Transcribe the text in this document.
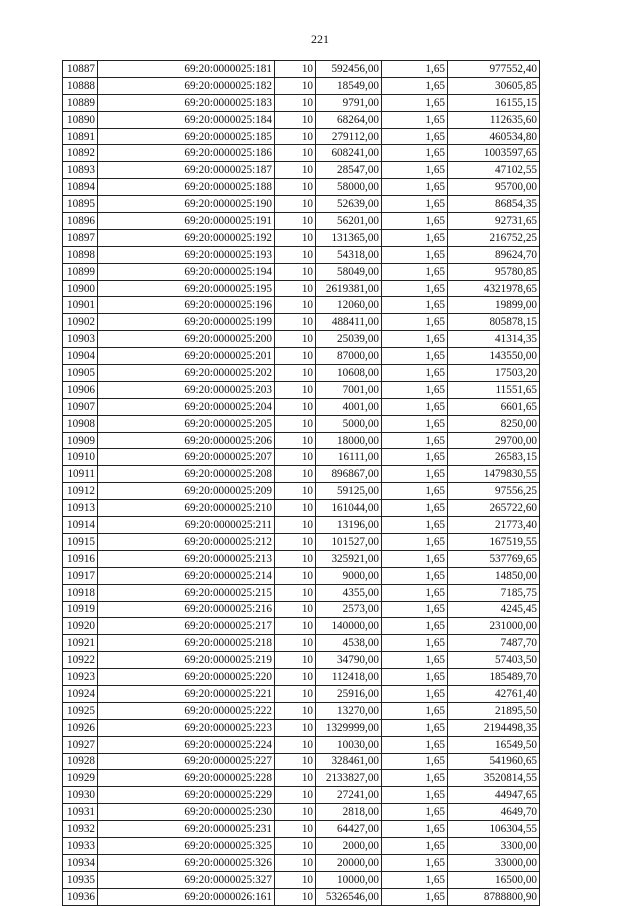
221
10887	69:20:0000025:181	10	592456,00	1,65	977552,40
10888	69:20:0000025:182	10	18549,00	1,65	30605,85
10889	69:20:0000025:183	10	9791,00	1,65	16155,15
10890	69:20:0000025:184	10	68264,00	1,65	112635,60
10891	69:20:0000025:185	10	279112,00	1,65	460534,80
10892	69:20:0000025:186	10	608241,00	1,65	1003597,65
10893	69:20:0000025:187	10	28547,00	1,65	47102,55
10894	69:20:0000025:188	10	58000,00	1,65	95700,00
10895	69:20:0000025:190	10	52639,00	1,65	86854,35
10896	69:20:0000025:191	10	56201,00	1,65	92731,65
10897	69:20:0000025:192	10	131365,00	1,65	216752,25
10898	69:20:0000025:193	10	54318,00	1,65	89624,70
10899	69:20:0000025:194	10	58049,00	1,65	95780,85
10900	69:20:0000025:195	10	2619381,00	1,65	4321978,65
10901	69:20:0000025:196	10	12060,00	1,65	19899,00
10902	69:20:0000025:199	10	488411,00	1,65	805878,15
10903	69:20:0000025:200	10	25039,00	1,65	41314,35
10904	69:20:0000025:201	10	87000,00	1,65	143550,00
10905	69:20:0000025:202	10	10608,00	1,65	17503,20
10906	69:20:0000025:203	10	7001,00	1,65	11551,65
10907	69:20:0000025:204	10	4001,00	1,65	6601,65
10908	69:20:0000025:205	10	5000,00	1,65	8250,00
10909	69:20:0000025:206	10	18000,00	1,65	29700,00
10910	69:20:0000025:207	10	16111,00	1,65	26583,15
10911	69:20:0000025:208	10	896867,00	1,65	1479830,55
10912	69:20:0000025:209	10	59125,00	1,65	97556,25
10913	69:20:0000025:210	10	161044,00	1,65	265722,60
10914	69:20:0000025:211	10	13196,00	1,65	21773,40
10915	69:20:0000025:212	10	101527,00	1,65	167519,55
10916	69:20:0000025:213	10	325921,00	1,65	537769,65
10917	69:20:0000025:214	10	9000,00	1,65	14850,00
10918	69:20:0000025:215	10	4355,00	1,65	7185,75
10919	69:20:0000025:216	10	2573,00	1,65	4245,45
10920	69:20:0000025:217	10	140000,00	1,65	231000,00
10921	69:20:0000025:218	10	4538,00	1,65	7487,70
10922	69:20:0000025:219	10	34790,00	1,65	57403,50
10923	69:20:0000025:220	10	112418,00	1,65	185489,70
10924	69:20:0000025:221	10	25916,00	1,65	42761,40
10925	69:20:0000025:222	10	13270,00	1,65	21895,50
10926	69:20:0000025:223	10	1329999,00	1,65	2194498,35
10927	69:20:0000025:224	10	10030,00	1,65	16549,50
10928	69:20:0000025:227	10	328461,00	1,65	541960,65
10929	69:20:0000025:228	10	2133827,00	1,65	3520814,55
10930	69:20:0000025:229	10	27241,00	1,65	44947,65
10931	69:20:0000025:230	10	2818,00	1,65	4649,70
10932	69:20:0000025:231	10	64427,00	1,65	106304,55
10933	69:20:0000025:325	10	2000,00	1,65	3300,00
10934	69:20:0000025:326	10	20000,00	1,65	33000,00
10935	69:20:0000025:327	10	10000,00	1,65	16500,00
10936	69:20:0000026:161	10	5326546,00	1,65	8788800,90
